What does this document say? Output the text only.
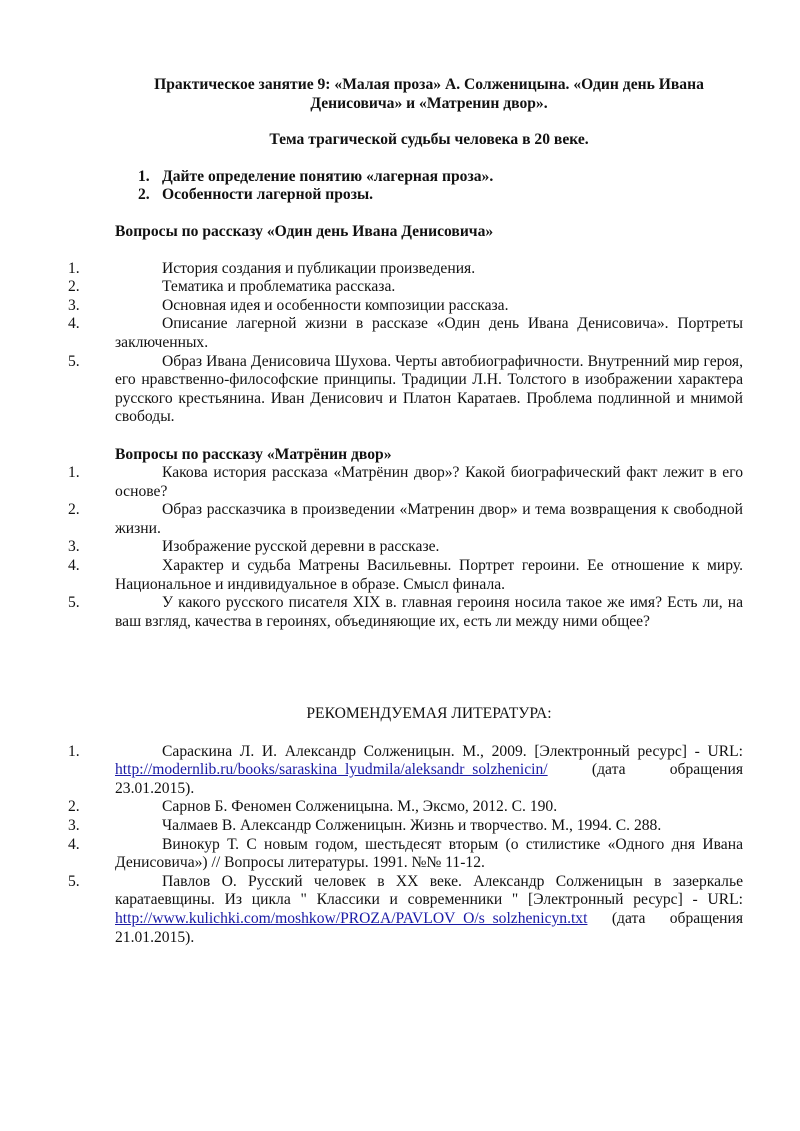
Практическое занятие 9: «Малая проза» А. Солженицына. «Один день Ивана
Денисовича» и «Матренин двор».

Тема трагической судьбы человека в 20 веке.

1. Дайте определение понятию «лагерная проза».
2. Особенности лагерной прозы.

Вопросы по рассказу «Один день Ивана Денисовича»

1.	История создания и публикации произведения.
2.	Тематика и проблематика рассказа.
3.	Основная идея и особенности композиции рассказа.
4.	Описание лагерной жизни в рассказе «Один день Ивана Денисовича». Портреты заключенных.
5.	Образ Ивана Денисовича Шухова. Черты автобиографичности. Внутренний мир героя, его нравственно-философские принципы. Традиции Л.Н. Толстого в изображении характера русского крестьянина. Иван Денисович и Платон Каратаев. Проблема подлинной и мнимой свободы.

Вопросы по рассказу «Матрёнин двор»

1.	Какова история рассказа «Матрёнин двор»? Какой биографический факт лежит в его основе?
2.	Образ рассказчика в произведении «Матренин двор» и тема возвращения к свободной жизни.
3.	Изображение русской деревни в рассказе.
4.	Характер и судьба Матрены Васильевны. Портрет героини. Ее отношение к миру. Национальное и индивидуальное в образе. Смысл финала.
5.	У какого русского писателя XIX в. главная героиня носила такое же имя? Есть ли, на ваш взгляд, качества в героинях, объединяющие их, есть ли между ними общее?

РЕКОМЕНДУЕМАЯ ЛИТЕРАТУРА:

1.	Сараскина Л. И. Александр Солженицын. М., 2009. [Электронный ресурс] - URL: http://modernlib.ru/books/saraskina_lyudmila/aleksandr_solzhenicin/ (дата обращения 23.01.2015).
2.	Сарнов Б. Феномен Солженицына. М., Эксмо, 2012. С. 190.
3.	Чалмаев В. Александр Солженицын. Жизнь и творчество. М., 1994. С. 288.
4.	Винокур Т. С новым годом, шестьдесят вторым (о стилистике «Одного дня Ивана Денисовича») // Вопросы литературы. 1991. №№ 11-12.
5.	Павлов О. Русский человек в XX веке. Александр Солженицын в зазеркалье каратаевщины. Из цикла " Классики и современники " [Электронный ресурс] - URL: http://www.kulichki.com/moshkow/PROZA/PAVLOV_O/s_solzhenicyn.txt (дата обращения 21.01.2015).
